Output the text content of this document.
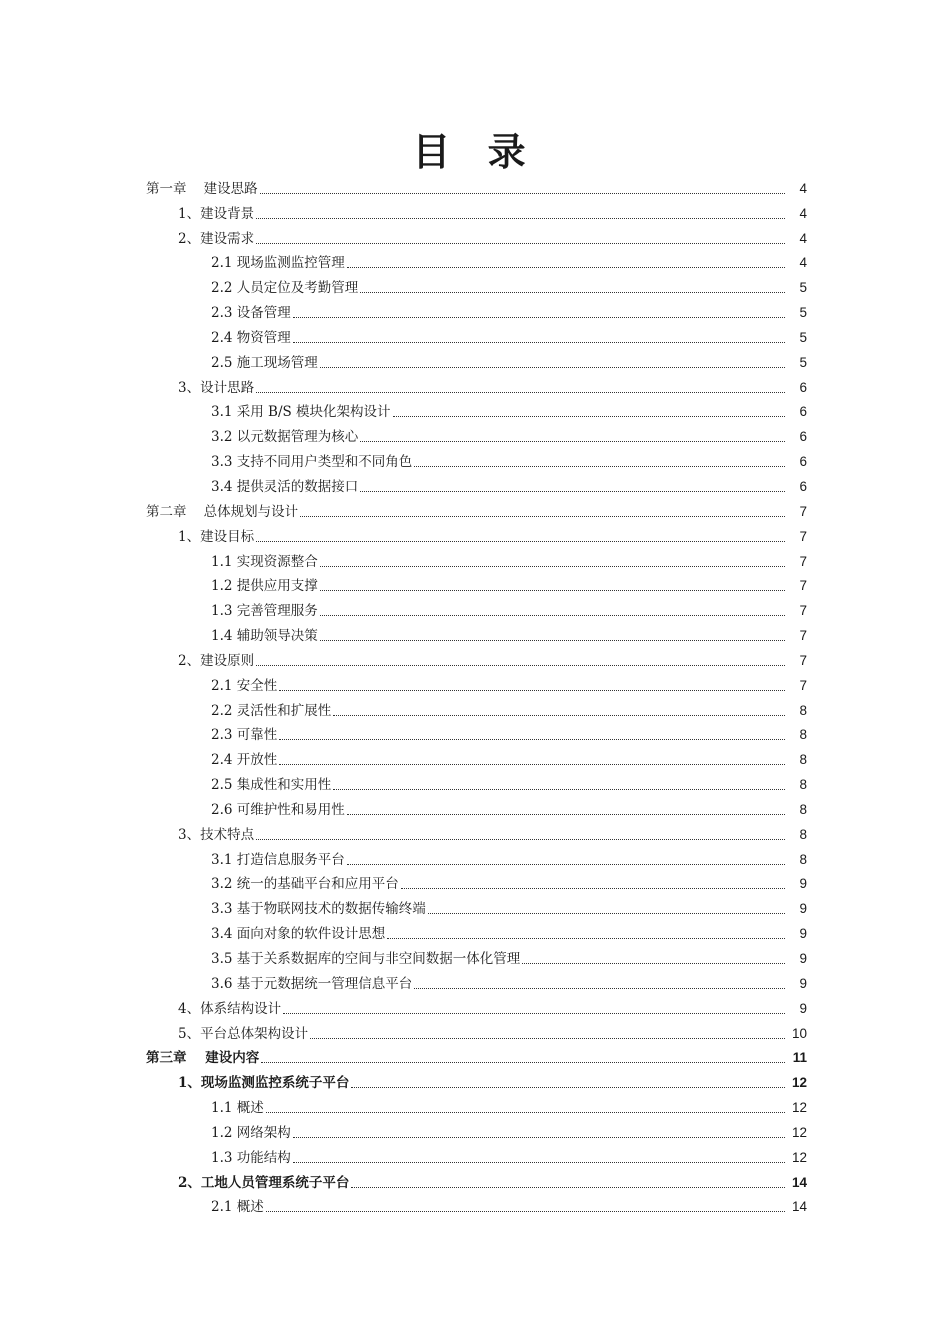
目 录
第一章    建设思路	4
1、建设背景	4
2、建设需求	4
2.1 现场监测监控管理	4
2.2 人员定位及考勤管理	5
2.3 设备管理	5
2.4 物资管理	5
2.5 施工现场管理	5
3、设计思路	6
3.1 采用 B/S 模块化架构设计	6
3.2 以元数据管理为核心	6
3.3 支持不同用户类型和不同角色	6
3.4 提供灵活的数据接口	6
第二章    总体规划与设计	7
1、建设目标	7
1.1 实现资源整合	7
1.2 提供应用支撑	7
1.3 完善管理服务	7
1.4 辅助领导决策	7
2、建设原则	7
2.1 安全性	7
2.2 灵活性和扩展性	8
2.3 可靠性	8
2.4 开放性	8
2.5 集成性和实用性	8
2.6 可维护性和易用性	8
3、技术特点	8
3.1 打造信息服务平台	8
3.2 统一的基础平台和应用平台	9
3.3 基于物联网技术的数据传输终端	9
3.4 面向对象的软件设计思想	9
3.5 基于关系数据库的空间与非空间数据一体化管理	9
3.6 基于元数据统一管理信息平台	9
4、体系结构设计	9
5、平台总体架构设计	10
第三章    建设内容	11
1、现场监测监控系统子平台	12
1.1 概述	12
1.2 网络架构	12
1.3 功能结构	12
2、工地人员管理系统子平台	14
2.1 概述	14
